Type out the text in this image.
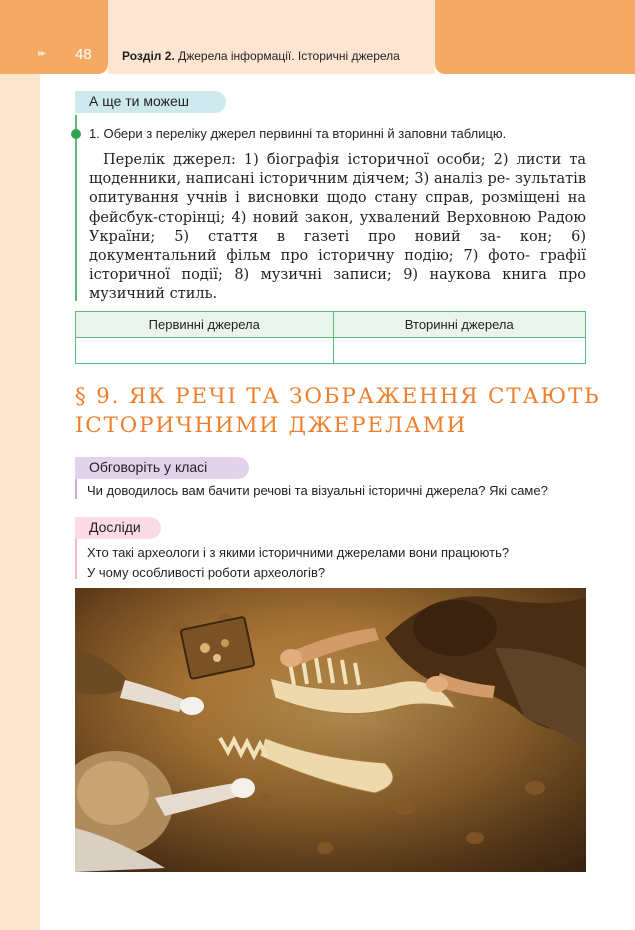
▸▸ 48	Розділ 2. Джерела інформації. Історичні джерела
А ще ти можеш
1. Обери з переліку джерел первинні та вторинні й заповни таблицю.
Перелік джерел: 1) біографія історичної особи; 2) листи та щоденники, написані історичним діячем; 3) аналіз ре- зультатів опитування учнів і висновки щодо стану справ, розміщені на фейсбук-сторінці; 4) новий закон, ухвалений Верховною Радою України; 5) стаття в газеті про новий за- кон; 6) документальний фільм про історичну подію; 7) фото- графії історичної події; 8) музичні записи; 9) наукова книга про музичний стиль.
Первинні джерела	Вторинні джерела

§ 9. ЯК РЕЧІ ТА ЗОБРАЖЕННЯ СТАЮТЬ
ІСТОРИЧНИМИ ДЖЕРЕЛАМИ
Обговоріть у класі
Чи доводилось вам бачити речові та візуальні історичні джерела? Які саме?
Досліди
Хто такі археологи і з якими історичними джерелами вони працюють?
У чому особливості роботи археологів?
